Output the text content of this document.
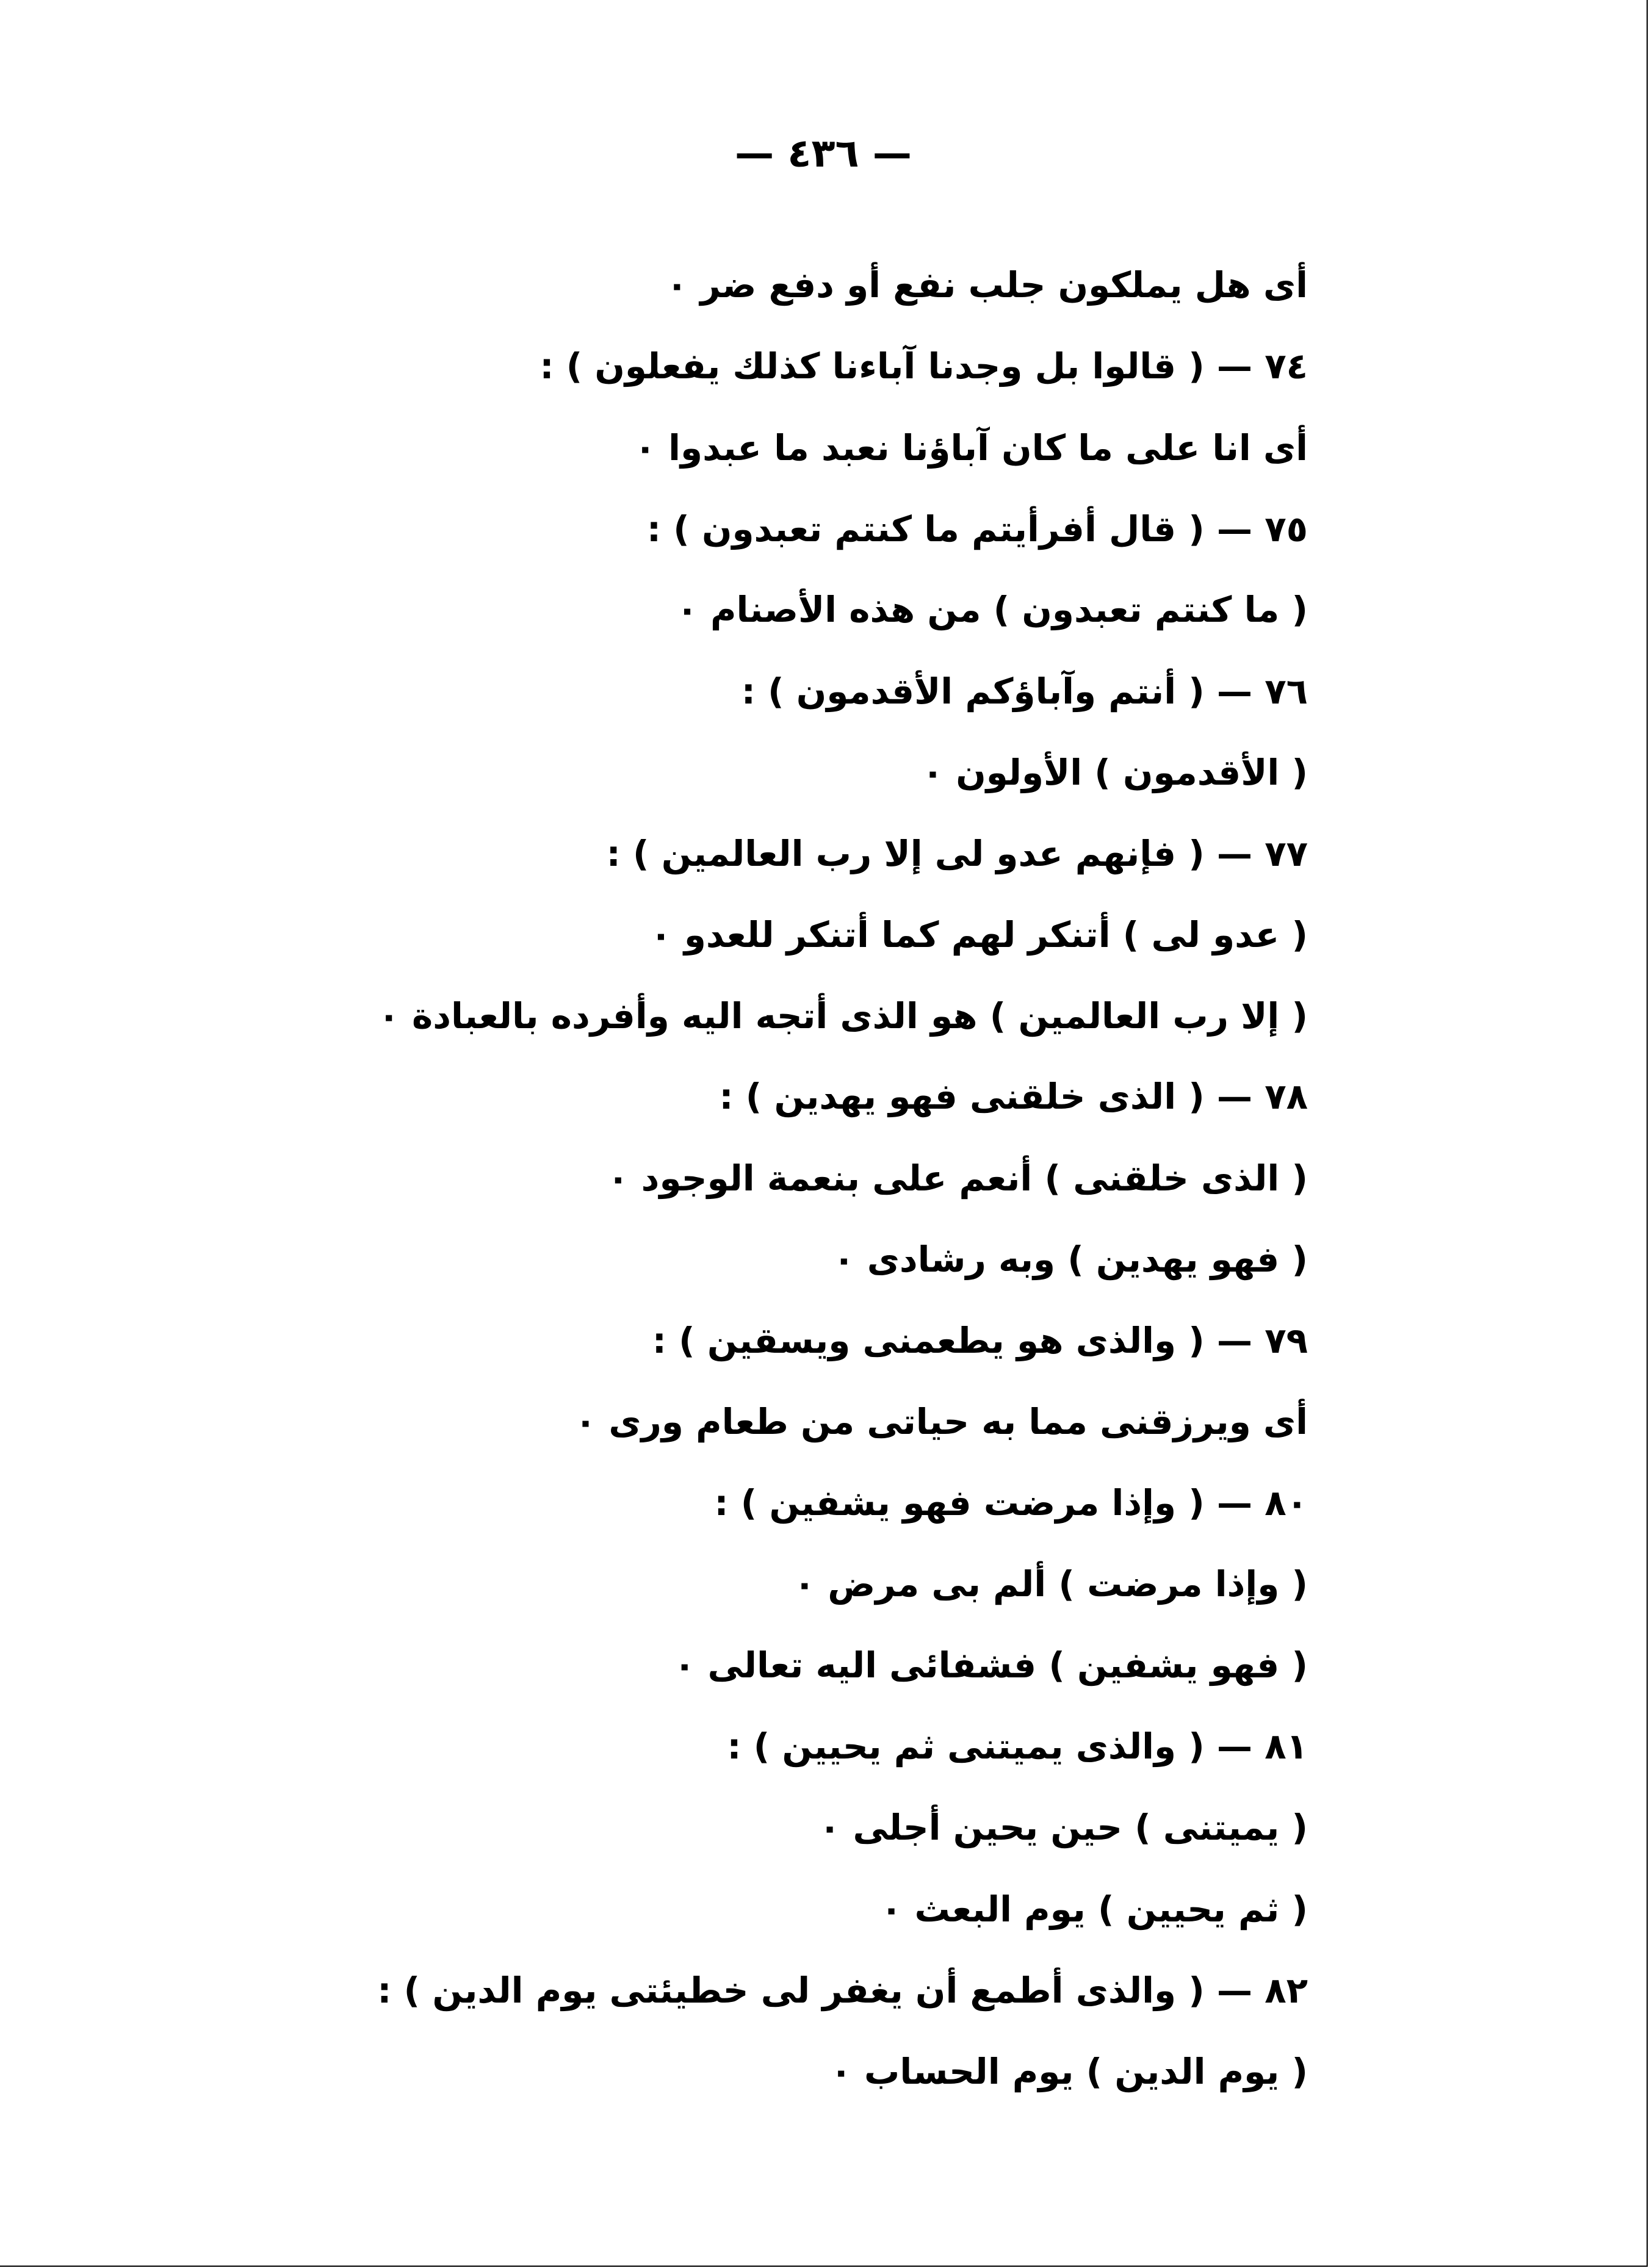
— ٤٣٦ —
أى هل يملكون جلب نفع أو دفع ضر ٠
٧٤ — ( قالوا بل وجدنا آباءنا كذلك يفعلون ) :
أى انا على ما كان آباؤنا نعبد ما عبدوا ٠
٧٥ — ( قال أفرأيتم ما كنتم تعبدون ) :
( ما كنتم تعبدون ) من هذه الأصنام ٠
٧٦ — ( أنتم وآباؤكم الأقدمون ) :
( الأقدمون ) الأولون ٠
٧٧ — ( فإنهم عدو لى إلا رب العالمين ) :
( عدو لى ) أتنكر لهم كما أتنكر للعدو ٠
( إلا رب العالمين ) هو الذى أتجه اليه وأفرده بالعبادة ٠
٧٨ — ( الذى خلقنى فهو يهدين ) :
( الذى خلقنى ) أنعم على بنعمة الوجود ٠
( فهو يهدين ) وبه رشادى ٠
٧٩ — ( والذى هو يطعمنى ويسقين ) :
أى ويرزقنى مما به حياتى من طعام ورى ٠
٨٠ — ( وإذا مرضت فهو يشفين ) :
( وإذا مرضت ) ألم بى مرض ٠
( فهو يشفين ) فشفائى اليه تعالى ٠
٨١ — ( والذى يميتنى ثم يحيين ) :
( يميتنى ) حين يحين أجلى ٠
( ثم يحيين ) يوم البعث ٠
٨٢ — ( والذى أطمع أن يغفر لى خطيئتى يوم الدين ) :
( يوم الدين ) يوم الحساب ٠
